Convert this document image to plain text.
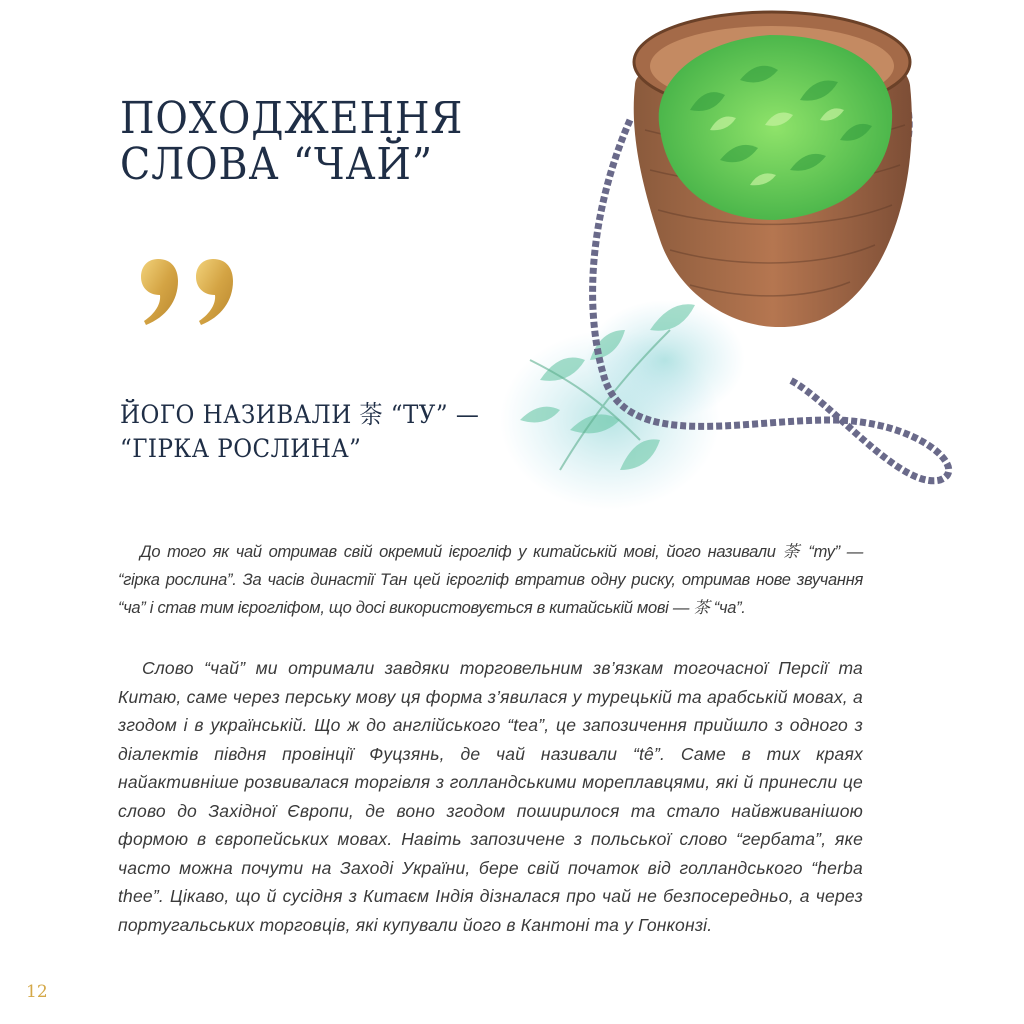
ПОХОДЖЕННЯ
СЛОВА “ЧАЙ”
ЙОГО НАЗИВАЛИ 荼 “ТУ” —
“ГІРКА РОСЛИНА”

До того як чай отримав свій окремий ієрогліф у китайській мові, його називали 荼 “ту” — “гірка рослина”. За часів династії Тан цей ієрогліф втратив одну риску, отримав нове звучання “ча” і став тим ієрогліфом, що досі використовується в китайській мові — 茶 “ча”.

Слово “чай” ми отримали завдяки торговельним зв’язкам тогочасної Персії та Китаю, саме через перську мову ця форма з’явилася у турецькій та арабській мовах, а згодом і в українській. Що ж до англійського “tea”, це запозичення прийшло з одного з діалектів півдня провінції Фуцзянь, де чай називали “tê”. Саме в тих краях найактивніше розвивалася торгівля з голландськими мореплавцями, які й принесли це слово до Західної Європи, де воно згодом поширилося та стало найвживанішою формою в європейських мовах. Навіть запозичене з польської слово “гербата”, яке часто можна почути на Заході України, бере свій початок від голландського “herba thee”. Цікаво, що й сусідня з Китаєм Індія дізналася про чай не безпосередньо, а через португальських торговців, які купували його в Кантоні та у Гонконзі.

12
